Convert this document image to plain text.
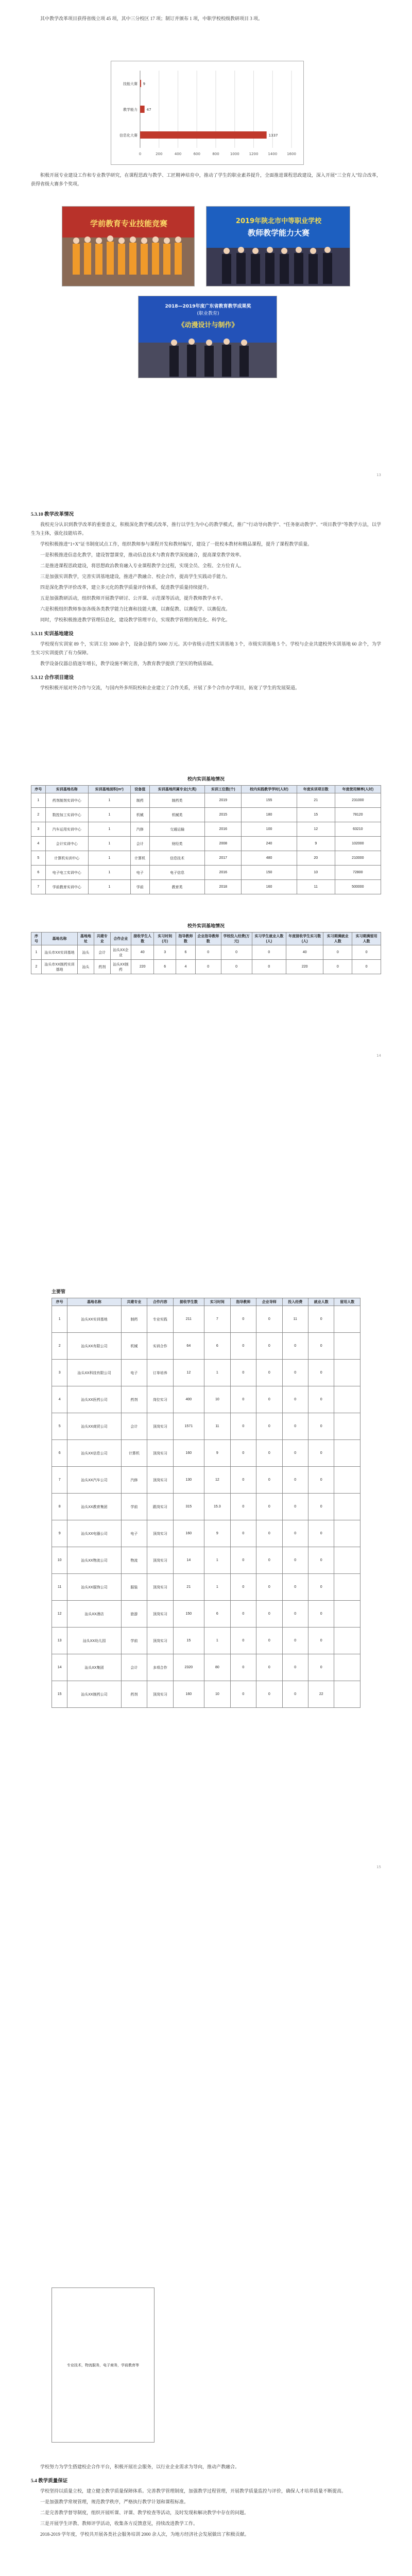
其中教学改革项目获得省级立项 45 项，其中三分校区 17 项；制订并颁布 1 项，中职学校校级教研项目 3 项。

0	200	400	600	800	1000	1200	1400	1600
技能大赛 9
教学能力	47
信息化大赛	1337

积极开展专业建设工作和专业教学研究，在课程思政与教学、工匠精神培育中，推动了学生的职业素养提升，全面推进课程思政建设，深入开展“三全育人”综合改革，获得省级大赛多个奖项。

学前教育专业技能竞赛	2019年陕北市中等职业学校
教师教学能力大赛
2018—2019年度广东省教育教学成果奖
(职业教育)
《动漫设计与制作》
13
5.3.10 教学改革情况

我校充分认识到教学改革的重要意义，积极深化教学模式改革，推行以学生为中心的教学模式，推广“行动导向教学”、“任务驱动教学”、“项目教学”等教学方法，以学生为主体，强化技能培养。

学校积极推进“1+X”证书制度试点工作，组织教师参与课程开发和教材编写，建设了一批校本教材和精品课程，提升了课程教学质量。

一是积极推进信息化教学，建设智慧课堂，推动信息技术与教育教学深度融合，提高课堂教学效率。

二是推进课程思政建设，将思想政治教育融入专业课程教学全过程，实现全员、全程、全方位育人。

三是加强实训教学，完善实训基地建设，推进产教融合、校企合作，提高学生实践动手能力。

四是深化教学评价改革，建立多元化的教学质量评价体系，促进教学质量持续提升。

五是加强教研活动，组织教师开展教学研讨、公开课、示范课等活动，提升教师教学水平。

六是积极组织教师参加各级各类教学能力比赛和技能大赛，以赛促教、以赛促学、以赛促改。

同时，学校积极推进教学管理信息化，建设教学管理平台，实现教学管理的规范化、科学化。

5.3.11 实训基地建设

学校现有实训室 89 个，实训工位 3000 余个，设备总值约 5000 万元。其中省级示范性实训基地 3 个，市级实训基地 5 个。学校与企业共建校外实训基地 60 余个，为学生实习实训提供了有力保障。

教学设备仪器总值逐年增长，教学设施不断完善，为教育教学提供了坚实的物质基础。

5.3.12 合作项目建设

学校积极开展对外合作与交流，与国内外多所院校和企业建立了合作关系，开展了多个合作办学项目，拓宽了学生的发展渠道。

校内实训基地情况
序号	实训基地名称	实训基地面积(m²)	设备值	实训基地所属专业(大类)	实训工位数(个)	校内实践教学学时(人时)	年度实训项目数	年度使用频率(人时)
1	药剂制剂实训中心	1	制药	制药类	2019	155	21	231000
2	数控加工实训中心	1	机械	机械类	2015	180	15	78120
3	汽车运用实训中心	1	汽修	交通运输	2016	100	12	63210
4	会计实训中心	1	会计	财经类	2008	240	9	102000
5	计算机实训中心	1	计算机	信息技术	2017	480	20	210000
6	电子电工实训中心	1	电子	电子信息	2016	150	10	72800
7	学前教育实训中心	1	学前	教育类	2018	160	11	500000
校外实训基地情况
序号	基地名称	基地地址	共建专业	合作企业	接收学生人数	实习时间(月)	指导教师数	企业指导教师数	学校投入经费(万元)	实习学生就业人数(人)	年度接收学生实习数(人)	实习期满就业人数	实习期满留用人数
1	汕头市XX实训基地	汕头	会计	汕头XX企业	40	3	6	0	0	0	40	0	0
2	汕头市XX制药实训基地	汕头	药剂	汕头XX制药	220	6	4	0	0	0	220	0	0
14
主要管
序号	基地名称	共建专业	合作内容	接收学生数	实习时间	指导教师	企业导师	投入经费	就业人数	留用人数
1	汕头XX实训基地	制药	专业实践	211	7	0	0	11	0	
2	汕头XX有限公司	机械	实训合作	64	6	0	0	0	0	
3	汕头XX科技有限公司	电子	订单培养	12	1	0	0	0	0	
4	汕头XX医药公司	药剂	岗位实习	400	10	0	0	0	0	
5	汕头XX商贸公司	会计	顶岗实习	1571	11	0	0	0	0	
6	汕头XX信息公司	计算机	顶岗实习	160	9	0	0	0	0	
7	汕头XX汽车公司	汽修	顶岗实习	130	12	0	0	0	0	
8	汕头XX教育集团	学前	跟岗实习	315	15.3	0	0	0	0	
9	汕头XX电器公司	电子	顶岗实习	160	9	0	0	0	0	
10	汕头XX物流公司	物流	顶岗实习	14	1	0	0	0	0	
11	汕头XX服饰公司	服装	顶岗实习	21	1	0	0	0	0	
12	汕头XX酒店	旅游	顶岗实习	150	6	0	0	0	0	
13	汕头XX幼儿园	学前	顶岗实习	15	1	0	0	0	0	
14	汕头XX集团	会计	多项合作	2320	80	0	0	0	0	
15	汕头XX制药公司	药剂	顶岗实习	160	10	0	0	0	22	
15
专业技术，物流服务，电子商务，学前教育等

学校努力为学生搭建校企合作平台，积极开展社会服务，以行业企业需求为导向，推动产教融合。

5.4 教学质量保证

学校坚持以质量立校，建立健全教学质量保障体系。完善教学管理制度，加强教学过程管理，开展教学质量监控与评价，确保人才培养质量不断提高。

一是加强教学常规管理，规范教学秩序，严格执行教学计划和课程标准。

二是完善教学督导制度，组织开展听课、评课、教学检查等活动，及时发现和解决教学中存在的问题。

三是开展学生评教、教师评学活动，收集各方反馈意见，持续改进教学工作。

2018-2019 学年度，学校共开展各类社会服务培训 2000 余人次，为地方经济社会发展做出了积极贡献。
